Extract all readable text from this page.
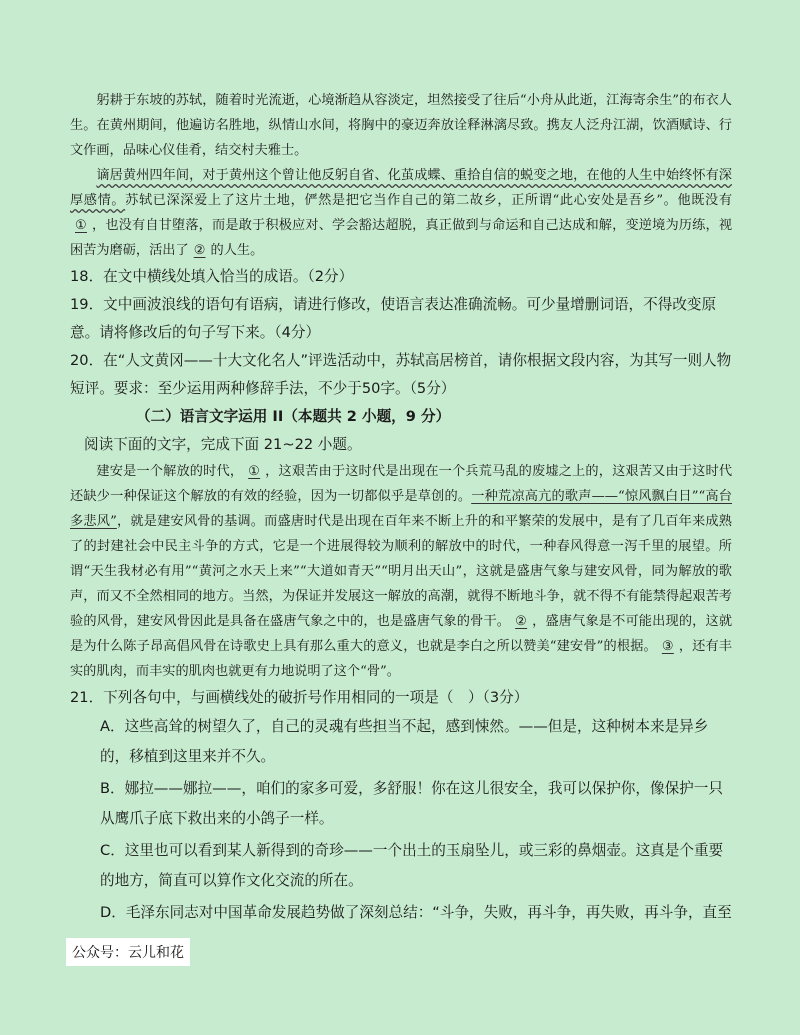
躬耕于东坡的苏轼，随着时光流逝，心境渐趋从容淡定，坦然接受了往后“小舟从此逝，江海寄余生”的布衣人生。在黄州期间，他遍访名胜地，纵情山水间，将胸中的豪迈奔放诠释淋漓尽致。携友人泛舟江湖，饮酒赋诗、行文作画，品味心仪佳肴，结交村夫雅士。

谪居黄州四年间，对于黄州这个曾让他反躬自省、化茧成蝶、重拾自信的蜕变之地，在他的人生中始终怀有深厚感情。苏轼已深深爱上了这片土地，俨然是把它当作自己的第二故乡，正所谓“此心安处是吾乡”。他既没有① ，也没有自甘堕落，而是敢于积极应对、学会豁达超脱，真正做到与命运和自己达成和解，变逆境为历练，视困苦为磨砺，活出了 ② 的人生。

18．在文中横线处填入恰当的成语。（2分）

19．文中画波浪线的语句有语病，请进行修改，使语言表达准确流畅。可少量增删词语，不得改变原意。请将修改后的句子写下来。（4分）

20．在“人文黄冈——十大文化名人”评选活动中，苏轼高居榜首，请你根据文段内容，为其写一则人物短评。要求：至少运用两种修辞手法，不少于50字。（5分）

（二）语言文字运用 II（本题共 2 小题，9 分）

阅读下面的文字，完成下面 21~22 小题。

建安是一个解放的时代， ① ，这艰苦由于这时代是出现在一个兵荒马乱的废墟之上的，这艰苦又由于这时代还缺少一种保证这个解放的有效的经验，因为一切都似乎是草创的。一种荒凉高亢的歌声——“惊风飘白日”“高台多悲风”，就是建安风骨的基调。而盛唐时代是出现在百年来不断上升的和平繁荣的发展中，是有了几百年来成熟了的封建社会中民主斗争的方式，它是一个进展得较为顺利的解放中的时代，一种春风得意一泻千里的展望。所谓“天生我材必有用”“黄河之水天上来”“大道如青天”“明月出天山”，这就是盛唐气象与建安风骨，同为解放的歌声，而又不全然相同的地方。当然，为保证并发展这一解放的高潮，就得不断地斗争，就不得不有能禁得起艰苦考验的风骨，建安风骨因此是具备在盛唐气象之中的，也是盛唐气象的骨干。 ② ，盛唐气象是不可能出现的，这就是为什么陈子昂高倡风骨在诗歌史上具有那么重大的意义，也就是李白之所以赞美“建安骨”的根据。 ③ ，还有丰实的肌肉，而丰实的肌肉也就更有力地说明了这个“骨”。

21．下列各句中，与画横线处的破折号作用相同的一项是（　）（3分）

A．这些高耸的树望久了，自己的灵魂有些担当不起，感到悚然。——但是，这种树本来是异乡的，移植到这里来并不久。

B．娜拉——娜拉——，咱们的家多可爱，多舒服！你在这儿很安全，我可以保护你，像保护一只从鹰爪子底下救出来的小鸽子一样。

C．这里也可以看到某人新得到的奇珍——一个出土的玉扇坠儿，或三彩的鼻烟壶。这真是个重要的地方，简直可以算作文化交流的所在。

D．毛泽东同志对中国革命发展趋势做了深刻总结：“斗争，失败，再斗争，再失败，再斗争，直至

公众号：云儿和花
